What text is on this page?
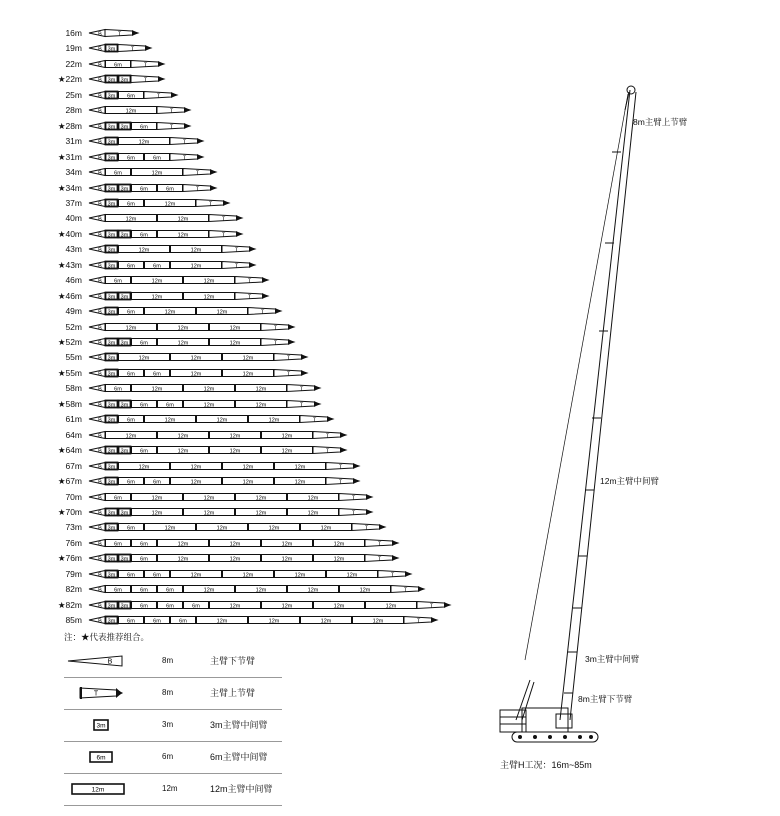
16m	B	T
19m	B 3m	T
22m	B 6m	T
★22m	B 3m 3m	T
25m	B 3m 6m	T
28m	B	12m	T
★28m	B 3m 3m 6m	T
31m	B 3m	12m	T
★31m	B 3m 6m	6m	T
34m	B 6m	12m	T
★34m	B 3m 3m 6m	6m	T
37m	B 3m 6m	12m	T
40m	B	12m	12m	T
★40m	B 3m 3m 6m	12m	T
43m	B 3m	12m	12m	T
★43m	B 3m 6m	6m	12m	T
46m	B 6m	12m	12m	T
★46m	B 3m 3m	12m	12m	T
49m	B 3m 6m	12m	12m	T
52m	B	12m	12m	12m	T
★52m	B 3m 3m 6m	12m	12m	T
55m	B 3m	12m	12m	12m	T
★55m	B 3m 6m	6m	12m	12m	T
58m	B 6m	12m	12m	12m	T
★58m	B 3m 3m 6m	6m	12m	12m	T
61m	B 3m 6m	12m	12m	12m	T
64m	B	12m	12m	12m	12m	T
★64m	B 3m 3m 6m	12m	12m	12m	T
67m	B 3m	12m	12m	12m	12m	T
★67m	B 3m 6m	6m	12m	12m	12m	T
70m	B 6m	12m	12m	12m	12m	T
★70m	B 3m 3m	12m	12m	12m	12m	T
73m	B 3m 6m	12m	12m	12m	12m	T
76m	B 6m	6m	12m	12m	12m	12m	T
★76m	B 3m 3m 6m	12m	12m	12m	12m	T
79m	B 3m 6m	6m	12m	12m	12m	12m	T
82m	B 6m	6m	6m	12m	12m	12m	12m	T
★82m	B 3m 3m 6m	6m	6m	12m	12m	12m	12m	T
85m	B 3m 6m	6m	6m	12m	12m	12m	12m	T
注：★代表推荐组合。
B	8m	主臂下节臂
T	8m	主臂上节臂
3m	3m	3m主臂中间臂
6m	6m	6m主臂中间臂
12m	12m	12m主臂中间臂
8m主臂上节臂
12m主臂中间臂
3m主臂中间臂
8m主臂下节臂
主臂H工况：16m~85m
